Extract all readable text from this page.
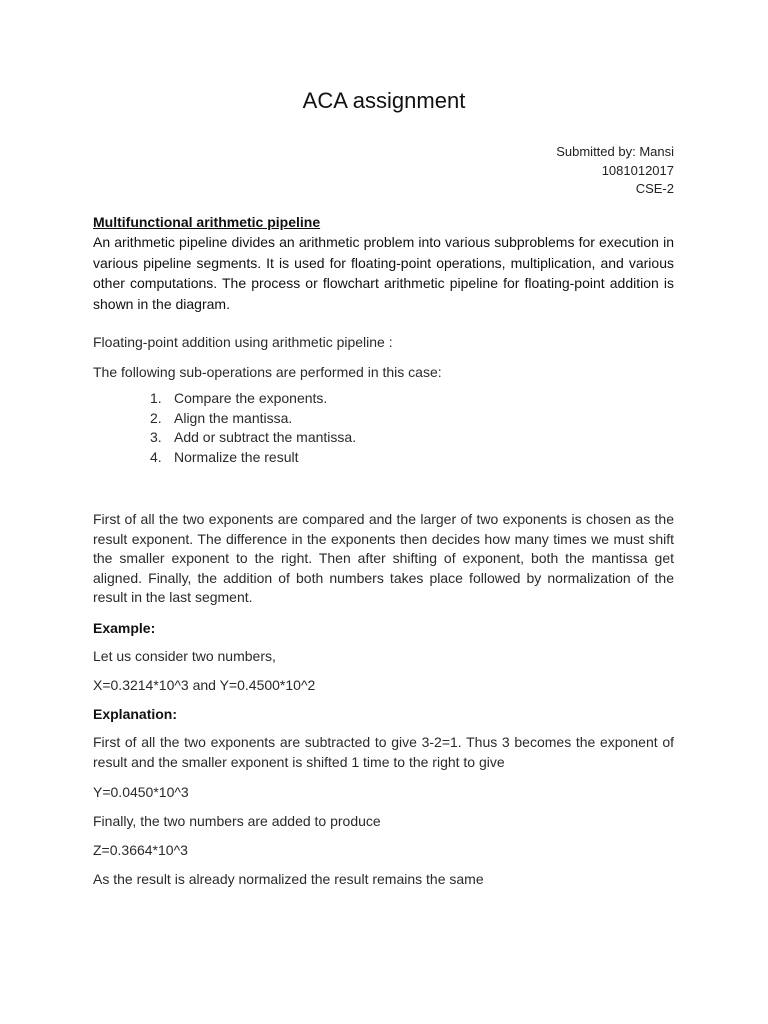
ACA assignment
Submitted by: Mansi
1081012017
CSE-2
Multifunctional arithmetic pipeline

An arithmetic pipeline divides an arithmetic problem into various subproblems for execution in various pipeline segments. It is used for floating-point operations, multiplication, and various other computations. The process or flowchart arithmetic pipeline for floating-point addition is shown in the diagram.

Floating-point addition using arithmetic pipeline :

The following sub-operations are performed in this case:

1. Compare the exponents.
2. Align the mantissa.
3. Add or subtract the mantissa.
4. Normalize the result

First of all the two exponents are compared and the larger of two exponents is chosen as the result exponent. The difference in the exponents then decides how many times we must shift the smaller exponent to the right. Then after shifting of exponent, both the mantissa get aligned. Finally, the addition of both numbers takes place followed by normalization of the result in the last segment.

Example:

Let us consider two numbers,

X=0.3214*10^3 and Y=0.4500*10^2

Explanation:

First of all the two exponents are subtracted to give 3-2=1. Thus 3 becomes the exponent of result and the smaller exponent is shifted 1 time to the right to give

Y=0.0450*10^3

Finally, the two numbers are added to produce

Z=0.3664*10^3

As the result is already normalized the result remains the same
